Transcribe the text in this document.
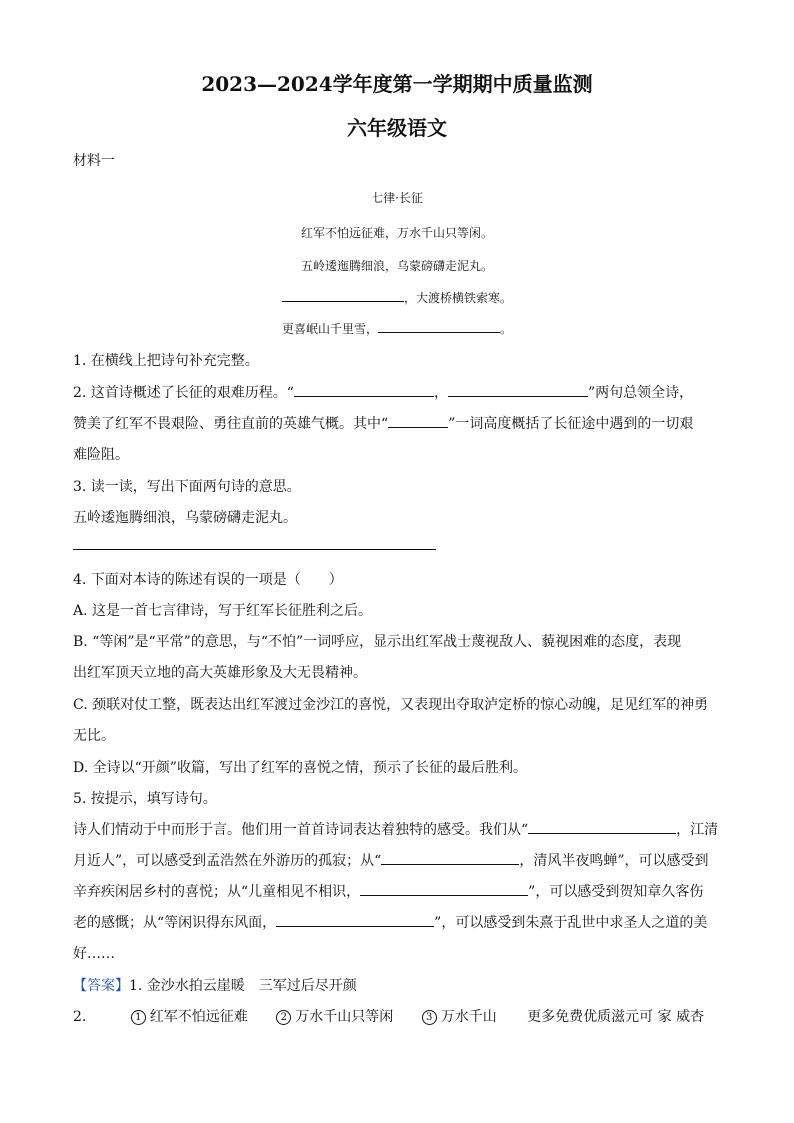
2023—2024学年度第一学期期中质量监测
六年级语文
材料一
七律·长征
红军不怕远征难，万水千山只等闲。
五岭逶迤腾细浪，乌蒙磅礴走泥丸。
，大渡桥横铁索寒。
更喜岷山千里雪，	。
1. 在横线上把诗句补充完整。
2. 这首诗概述了长征的艰难历程。“	，	”两句总领全诗，
赞美了红军不畏艰险、勇往直前的英雄气概。其中“	”一词高度概括了长征途中遇到的一切艰
难险阻。
3. 读一读，写出下面两句诗的意思。
五岭逶迤腾细浪，乌蒙磅礴走泥丸。
4. 下面对本诗的陈述有误的一项是（　　）
A. 这是一首七言律诗，写于红军长征胜利之后。
B. “等闲”是“平常”的意思，与“不怕”一词呼应，显示出红军战士蔑视敌人、藐视困难的态度，表现
出红军顶天立地的高大英雄形象及大无畏精神。
C. 颈联对仗工整，既表达出红军渡过金沙江的喜悦，又表现出夺取泸定桥的惊心动魄，足见红军的神勇
无比。
D. 全诗以“开颜”收篇，写出了红军的喜悦之情，预示了长征的最后胜利。
5. 按提示，填写诗句。
诗人们情动于中而形于言。他们用一首首诗词表达着独特的感受。我们从“	，江清
月近人”，可以感受到孟浩然在外游历的孤寂；从“	，清风半夜鸣蝉”，可以感受到
辛弃疾闲居乡村的喜悦；从“儿童相见不相识，	”，可以感受到贺知章久客伤
老的感慨；从“等闲识得东风面，	”，可以感受到朱熹于乱世中求圣人之道的美
好……
【答案】1. 金沙水拍云崖暖　三军过后尽开颜
2.	1 红军不怕远征难	2 万水千山只等闲	3 万水千山 更多免费优质滋元可 家 威杏
